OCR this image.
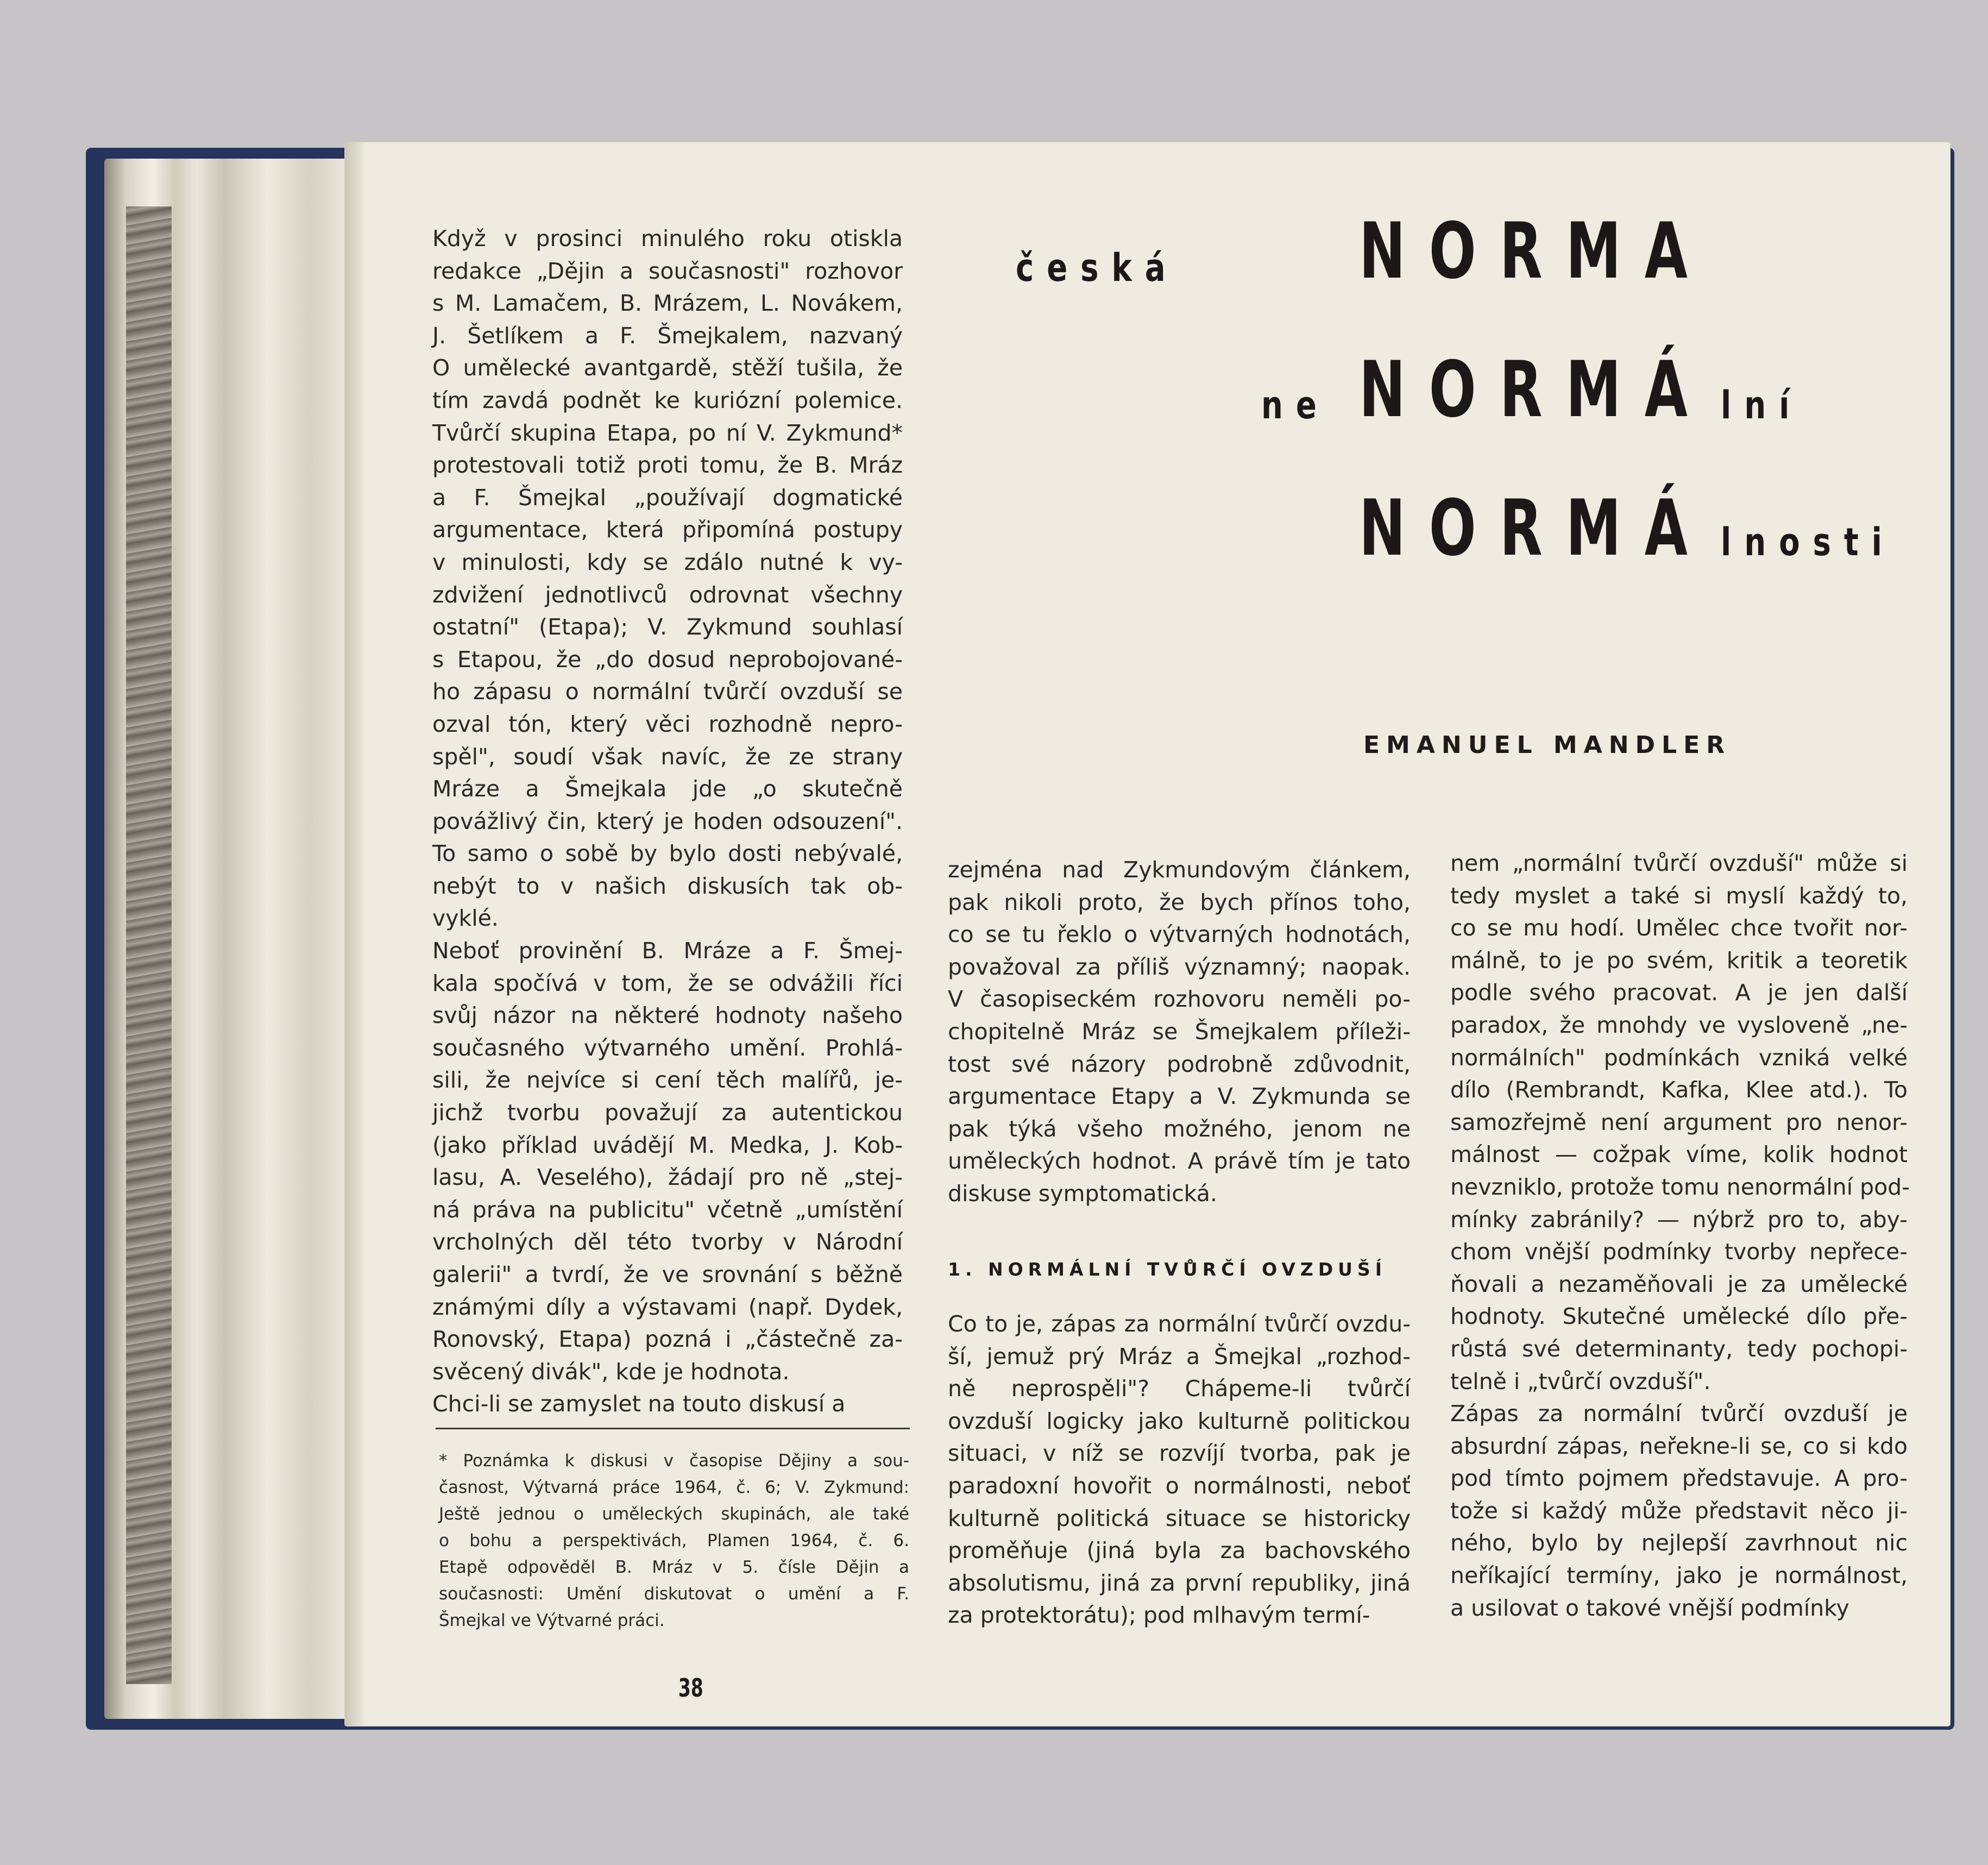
Když v prosinci minulého roku otiskla
redakce „Dějin a současnosti" rozhovor
s M. Lamačem, B. Mrázem, L. Novákem,
J. Šetlíkem a F. Šmejkalem, nazvaný
O umělecké avantgardě, stěží tušila, že
tím zavdá podnět ke kuriózní polemice.
Tvůrčí skupina Etapa, po ní V. Zykmund*
protestovali totiž proti tomu, že B. Mráz
a F. Šmejkal „používají dogmatické
argumentace, která připomíná postupy
v minulosti, kdy se zdálo nutné k vy-
zdvižení jednotlivců odrovnat všechny
ostatní" (Etapa); V. Zykmund souhlasí
s Etapou, že „do dosud neprobojované-
ho zápasu o normální tvůrčí ovzduší se
ozval tón, který věci rozhodně nepro-
spěl", soudí však navíc, že ze strany
Mráze a Šmejkala jde „o skutečně
povážlivý čin, který je hoden odsouzení".
To samo o sobě by bylo dosti nebývalé,
nebýt to v našich diskusích tak ob-
vyklé.
Neboť provinění B. Mráze a F. Šmej-
kala spočívá v tom, že se odvážili říci
svůj názor na některé hodnoty našeho
současného výtvarného umění. Prohlá-
sili, že nejvíce si cení těch malířů, je-
jichž tvorbu považují za autentickou
(jako příklad uvádějí M. Medka, J. Kob-
lasu, A. Veselého), žádají pro ně „stej-
ná práva na publicitu" včetně „umístění
vrcholných děl této tvorby v Národní
galerii" a tvrdí, že ve srovnání s běžně
známými díly a výstavami (např. Dydek,
Ronovský, Etapa) pozná i „částečně za-
svěcený divák", kde je hodnota.
Chci-li se zamyslet na touto diskusí a
* Poznámka k diskusi v časopise Dějiny a sou-
časnost, Výtvarná práce 1964, č. 6; V. Zykmund:
Ještě jednou o uměleckých skupinách, ale také
o bohu a perspektivách, Plamen 1964, č. 6.
Etapě odpověděl B. Mráz v 5. čísle Dějin a
současnosti: Umění diskutovat o umění a F.
Šmejkal ve Výtvarné práci.
38
česká NORMA
ne NORMÁ lní
NORMÁ lnosti
EMANUEL MANDLER
zejména nad Zykmundovým článkem,
pak nikoli proto, že bych přínos toho,
co se tu řeklo o výtvarných hodnotách,
považoval za příliš významný; naopak.
V časopiseckém rozhovoru neměli po-
chopitelně Mráz se Šmejkalem příleži-
tost své názory podrobně zdůvodnit,
argumentace Etapy a V. Zykmunda se
pak týká všeho možného, jenom ne
uměleckých hodnot. A právě tím je tato
diskuse symptomatická.
1. NORMÁLNÍ TVŮRČÍ OVZDUŠÍ
Co to je, zápas za normální tvůrčí ovzdu-
ší, jemuž prý Mráz a Šmejkal „rozhod-
ně neprospěli"? Chápeme-li tvůrčí
ovzduší logicky jako kulturně politickou
situaci, v níž se rozvíjí tvorba, pak je
paradoxní hovořit o normálnosti, neboť
kulturně politická situace se historicky
proměňuje (jiná byla za bachovského
absolutismu, jiná za první republiky, jiná
za protektorátu); pod mlhavým termí-
nem „normální tvůrčí ovzduší" může si
tedy myslet a také si myslí každý to,
co se mu hodí. Umělec chce tvořit nor-
málně, to je po svém, kritik a teoretik
podle svého pracovat. A je jen další
paradox, že mnohdy ve vysloveně „ne-
normálních" podmínkách vzniká velké
dílo (Rembrandt, Kafka, Klee atd.). To
samozřejmě není argument pro nenor-
málnost — cožpak víme, kolik hodnot
nevzniklo, protože tomu nenormální pod-
mínky zabránily? — nýbrž pro to, aby-
chom vnější podmínky tvorby nepřece-
ňovali a nezaměňovali je za umělecké
hodnoty. Skutečné umělecké dílo pře-
růstá své determinanty, tedy pochopi-
telně i „tvůrčí ovzduší".
Zápas za normální tvůrčí ovzduší je
absurdní zápas, neřekne-li se, co si kdo
pod tímto pojmem představuje. A pro-
tože si každý může představit něco ji-
ného, bylo by nejlepší zavrhnout nic
neříkající termíny, jako je normálnost,
a usilovat o takové vnější podmínky
